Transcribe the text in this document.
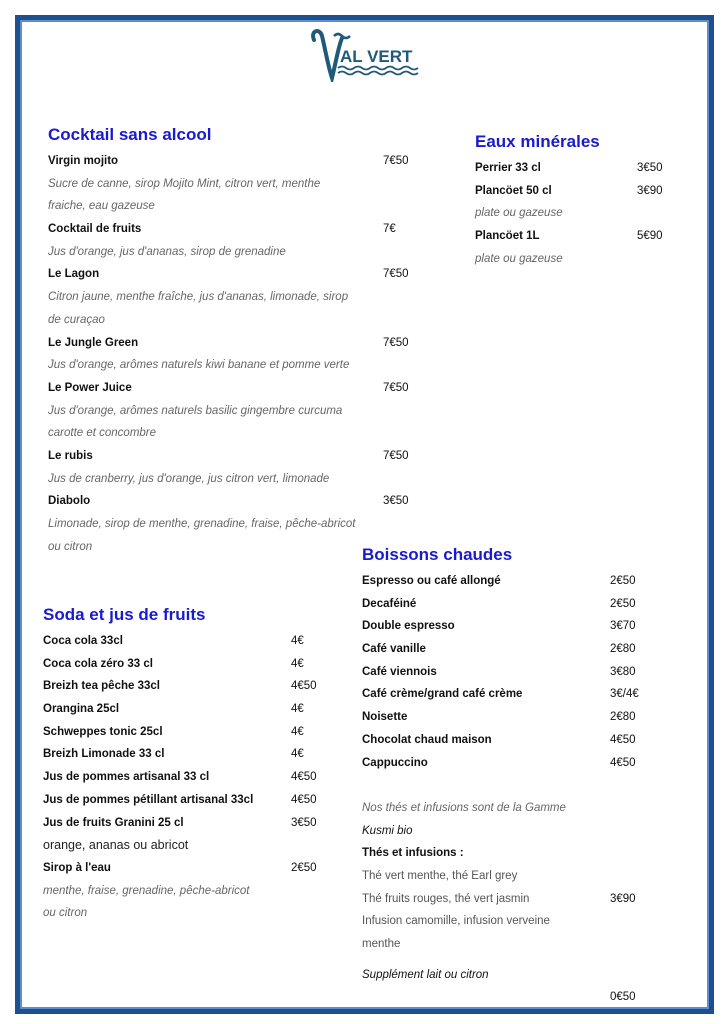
AL VERT
Cocktail sans alcool
Virgin mojito	7€50
Sucre de canne, sirop Mojito Mint, citron vert, menthe
fraiche, eau gazeuse
Cocktail de fruits	7€
Jus d'orange, jus d'ananas, sirop de grenadine
Le Lagon	7€50
Citron jaune, menthe fraîche, jus d'ananas, limonade, sirop
de curaçao
Le Jungle Green	7€50
Jus d'orange, arômes naturels kiwi banane et pomme verte
Le Power Juice	7€50
Jus d'orange, arômes naturels basilic gingembre curcuma
carotte et concombre
Le rubis	7€50
Jus de cranberry, jus d'orange, jus citron vert, limonade
Diabolo	3€50
Limonade, sirop de menthe, grenadine, fraise, pêche-abricot
ou citron
Eaux minérales
Perrier 33 cl	3€50
Plancöet 50 cl	3€90
plate ou gazeuse
Plancöet 1L	5€90
plate ou gazeuse
Boissons chaudes
Espresso ou café allongé	2€50
Decaféiné	2€50
Double espresso	3€70
Café vanille	2€80
Café viennois	3€80
Café crème/grand café crème	3€/4€
Noisette	2€80
Chocolat chaud maison	4€50
Cappuccino	4€50
Nos thés et infusions sont de la Gamme
Kusmi bio
Thés et infusions :
Thé vert menthe, thé Earl grey
Thé fruits rouges, thé vert jasmin	3€90
Infusion camomille, infusion verveine
menthe
Supplément lait ou citron
0€50
Soda et jus de fruits
Coca cola 33cl	4€
Coca cola zéro 33 cl	4€
Breizh tea pêche 33cl	4€50
Orangina 25cl	4€
Schweppes tonic 25cl	4€
Breizh Limonade 33 cl	4€
Jus de pommes artisanal 33 cl	4€50
Jus de pommes pétillant artisanal 33cl	4€50
Jus de fruits Granini 25 cl	3€50
orange, ananas ou abricot
Sirop à l'eau	2€50
menthe, fraise, grenadine, pêche-abricot
ou citron
